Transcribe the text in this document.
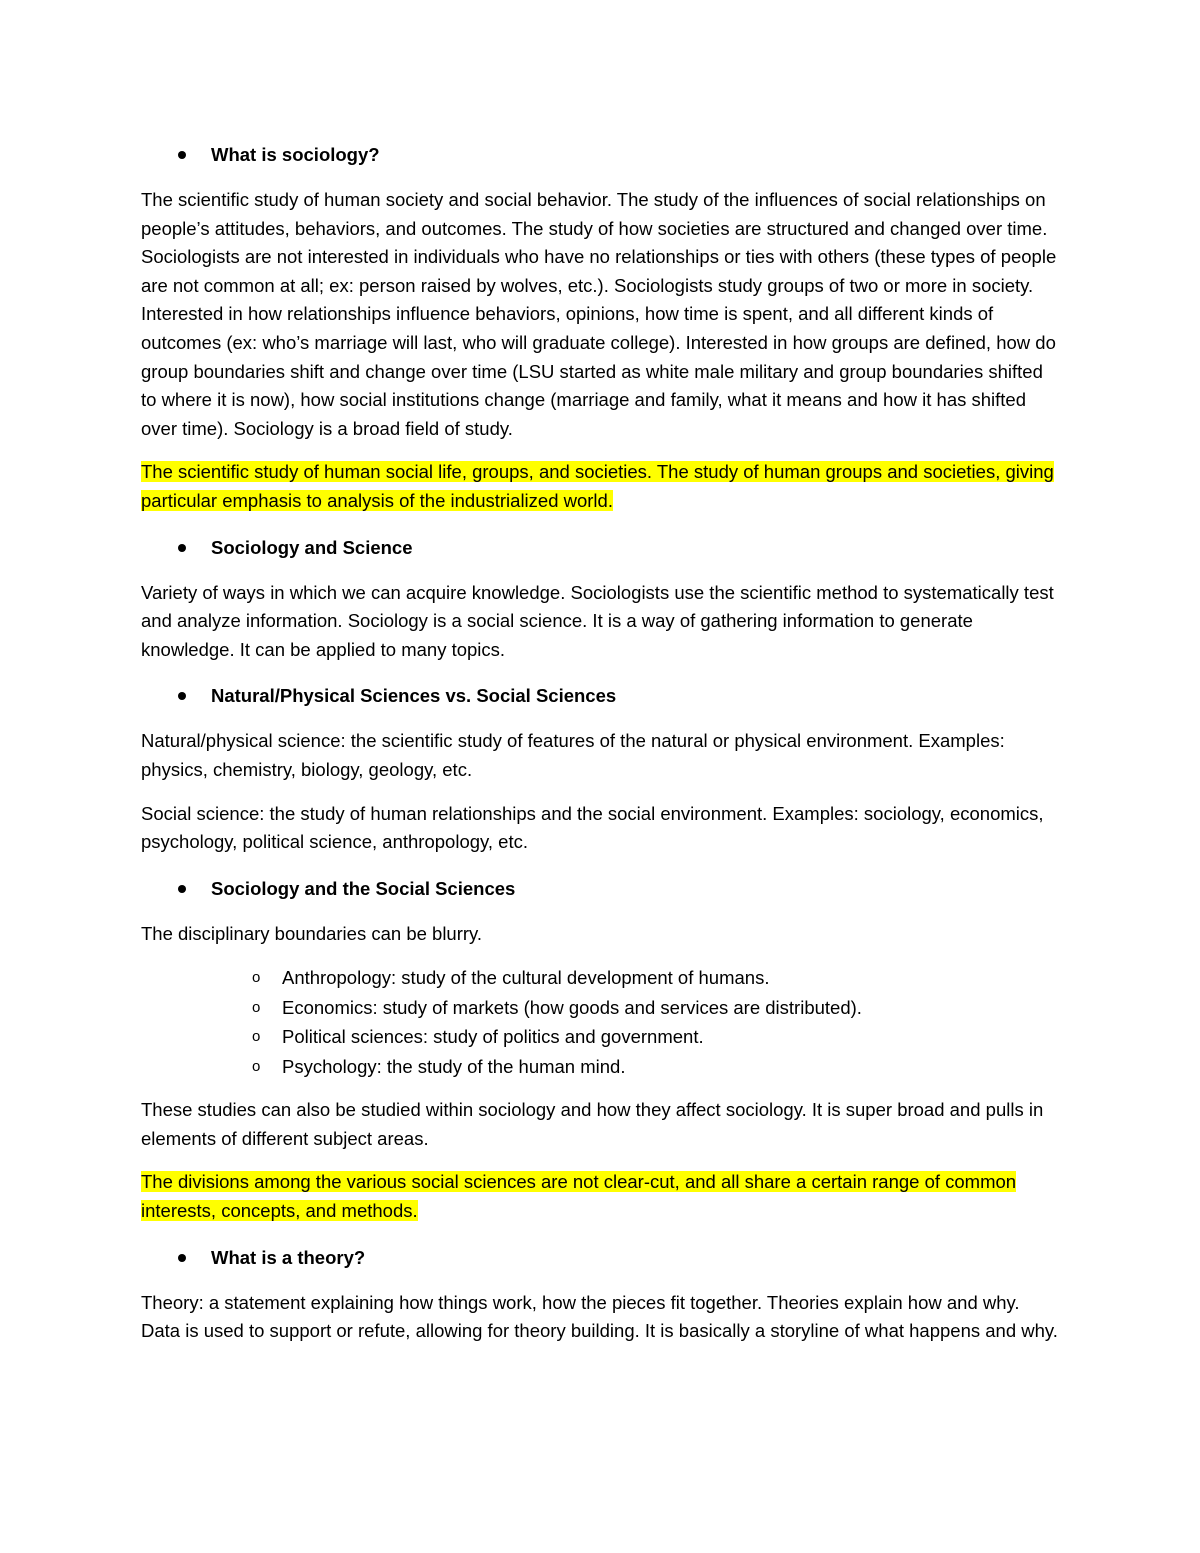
What is sociology?

The scientific study of human society and social behavior. The study of the influences of social relationships on people’s attitudes, behaviors, and outcomes. The study of how societies are structured and changed over time. Sociologists are not interested in individuals who have no relationships or ties with others (these types of people are not common at all; ex: person raised by wolves, etc.). Sociologists study groups of two or more in society. Interested in how relationships influence behaviors, opinions, how time is spent, and all different kinds of outcomes (ex: who’s marriage will last, who will graduate college). Interested in how groups are defined, how do group boundaries shift and change over time (LSU started as white male military and group boundaries shifted to where it is now), how social institutions change (marriage and family, what it means and how it has shifted over time). Sociology is a broad field of study.

The scientific study of human social life, groups, and societies. The study of human groups and societies, giving particular emphasis to analysis of the industrialized world.

Sociology and Science

Variety of ways in which we can acquire knowledge. Sociologists use the scientific method to systematically test and analyze information. Sociology is a social science. It is a way of gathering information to generate knowledge. It can be applied to many topics.

Natural/Physical Sciences vs. Social Sciences

Natural/physical science: the scientific study of features of the natural or physical environment. Examples: physics, chemistry, biology, geology, etc.

Social science: the study of human relationships and the social environment. Examples: sociology, economics, psychology, political science, anthropology, etc.

Sociology and the Social Sciences

The disciplinary boundaries can be blurry.

o Anthropology: study of the cultural development of humans.
o Economics: study of markets (how goods and services are distributed).
o Political sciences: study of politics and government.
o Psychology: the study of the human mind.

These studies can also be studied within sociology and how they affect sociology. It is super broad and pulls in elements of different subject areas.

The divisions among the various social sciences are not clear-cut, and all share a certain range of common interests, concepts, and methods.

What is a theory?

Theory: a statement explaining how things work, how the pieces fit together. Theories explain how and why. Data is used to support or refute, allowing for theory building. It is basically a storyline of what happens and why.
